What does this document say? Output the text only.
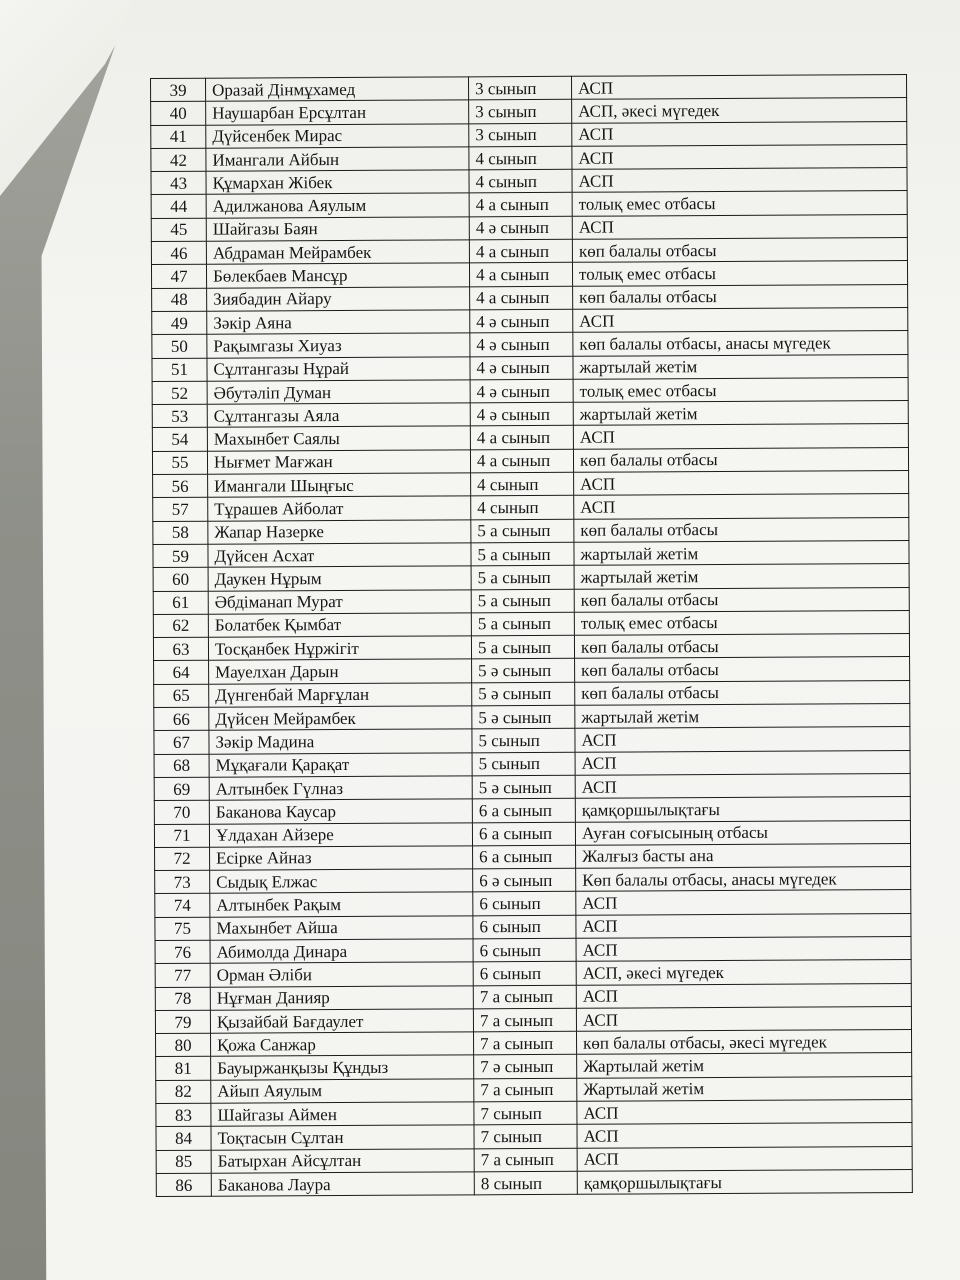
39	Оразай Дінмұхамед	3 сынып	АСП
40	Наушарбан Ерсұлтан	3 сынып	АСП, әкесі мүгедек
41	Дүйсенбек Мирас	3 сынып	АСП
42	Имангали Айбын	4 сынып	АСП
43	Құмархан Жібек	4 сынып	АСП
44	Адилжанова Аяулым	4 а сынып	толық емес отбасы
45	Шайгазы Баян	4 ә сынып	АСП
46	Абдраман Мейрамбек	4 а сынып	көп балалы отбасы
47	Бөлекбаев Мансұр	4 а сынып	толық емес отбасы
48	Зиябадин Айару	4 а сынып	көп балалы отбасы
49	Зәкір Аяна	4 ә сынып	АСП
50	Рақымгазы Хиуаз	4 ә сынып	көп балалы отбасы, анасы мүгедек
51	Сұлтангазы Нұрай	4 ә сынып	жартылай жетім
52	Әбутәліп Думан	4 ә сынып	толық емес отбасы
53	Сұлтангазы Аяла	4 ә сынып	жартылай жетім
54	Махынбет Саялы	4 а сынып	АСП
55	Нығмет Мағжан	4 а сынып	көп балалы отбасы
56	Имангали Шыңғыс	4 сынып	АСП
57	Тұрашев Айболат	4 сынып	АСП
58	Жапар Назерке	5 а сынып	көп балалы отбасы
59	Дүйсен Асхат	5 а сынып	жартылай жетім
60	Даукен Нұрым	5 а сынып	жартылай жетім
61	Әбдіманап Мурат	5 а сынып	көп балалы отбасы
62	Болатбек Қымбат	5 а сынып	толық емес отбасы
63	Тосқанбек Нұржігіт	5 а сынып	көп балалы отбасы
64	Мауелхан Дарын	5 ә сынып	көп балалы отбасы
65	Дүнгенбай Марғұлан	5 ә сынып	көп балалы отбасы
66	Дүйсен Мейрамбек	5 ә сынып	жартылай жетім
67	Зәкір Мадина	5 сынып	АСП
68	Мұқағали Қарақат	5 сынып	АСП
69	Алтынбек Гүлназ	5 ә сынып	АСП
70	Баканова Каусар	6 а сынып	қамқоршылықтағы
71	Ұлдахан Айзере	6 а сынып	Ауған соғысының отбасы
72	Есірке Айназ	6 а сынып	Жалғыз басты ана
73	Сыдық Елжас	6 ә сынып	Көп балалы отбасы, анасы мүгедек
74	Алтынбек Рақым	6 сынып	АСП
75	Махынбет Айша	6 сынып	АСП
76	Абимолда Динара	6 сынып	АСП
77	Орман Әліби	6 сынып	АСП, әкесі мүгедек
78	Нұғман Данияр	7 а сынып	АСП
79	Қызайбай Бағдаулет	7 а сынып	АСП
80	Қожа Санжар	7 а сынып	көп балалы отбасы, әкесі мүгедек
81	Бауыржанқызы Құндыз	7 ә сынып	Жартылай жетім
82	Айып Аяулым	7 а сынып	Жартылай жетім
83	Шайгазы Аймен	7 сынып	АСП
84	Тоқтасын Сұлтан	7 сынып	АСП
85	Батырхан Айсұлтан	7 а сынып	АСП
86	Баканова Лаура	8 сынып	қамқоршылықтағы
